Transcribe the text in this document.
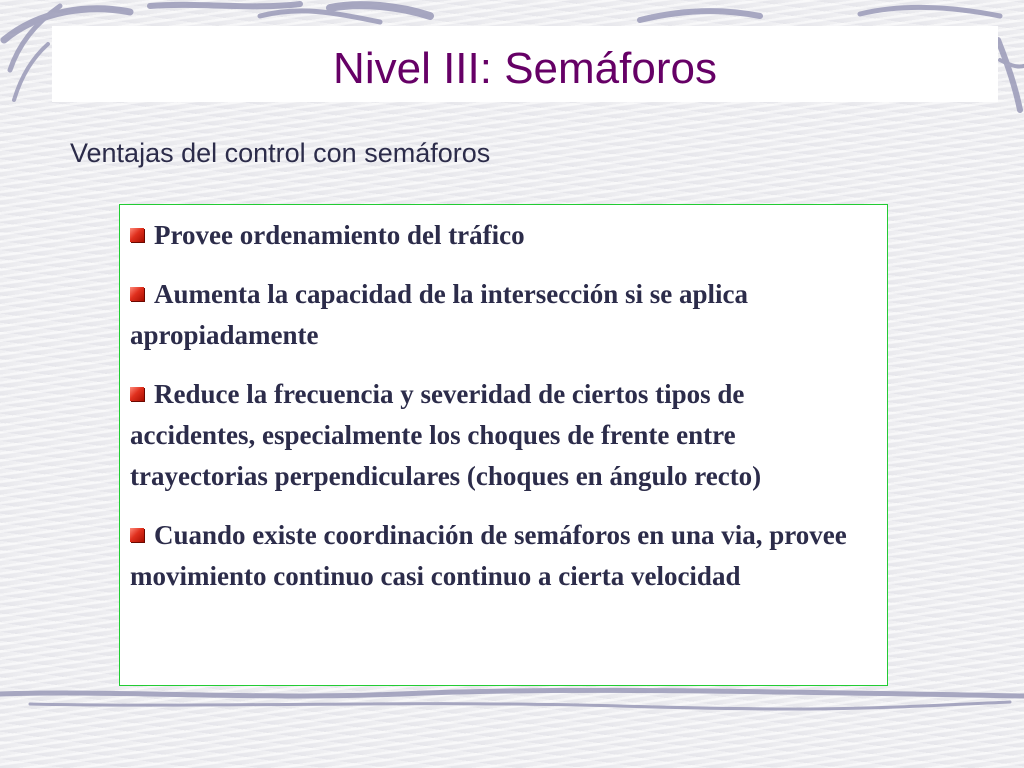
Nivel III: Semáforos

Ventajas del control con semáforos

Provee ordenamiento del tráfico
Aumenta la capacidad de la intersección si se aplica apropiadamente
Reduce la frecuencia y severidad de ciertos tipos de accidentes, especialmente los choques de frente entre trayectorias perpendiculares (choques en ángulo recto)
Cuando existe coordinación de semáforos en una via, provee movimiento continuo casi continuo a cierta velocidad
